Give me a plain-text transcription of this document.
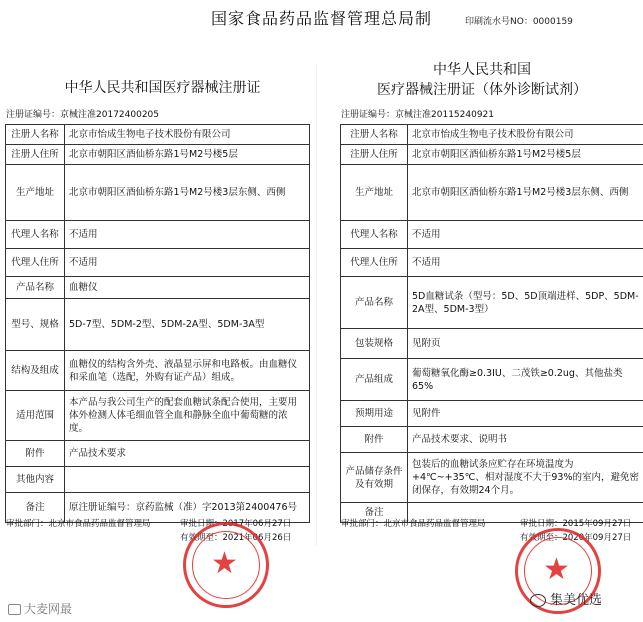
国家食品药品监督管理总局制	印刷流水号NO：0000159
中华人民共和国医疗器械注册证
注册证编号：京械注准20172400205
注册人名称	北京市怡成生物电子技术股份有限公司
注册人住所	北京市朝阳区酒仙桥东路1号M2号楼5层
生产地址	北京市朝阳区酒仙桥东路1号M2号楼3层东侧、西侧
代理人名称	不适用
代理人住所	不适用
产品名称	血糖仪
型号、规格	5D-7型、5DM-2型、5DM-2A型、5DM-3A型
结构及组成	血糖仪的结构含外壳、液晶显示屏和电路板。由血糖仪和采血笔（选配，外购有证产品）组成。
适用范围	本产品与我公司生产的配套血糖试条配合使用，主要用体外检测人体毛细血管全血和静脉全血中葡萄糖的浓度。
附件	产品技术要求
其他内容	
备注	原注册证编号：京药监械（准）字2013第2400476号
审批部门：北京市食品药品监督管理局	审批日期：2017年06月27日
有效期至：2021年06月26日
★
中华人民共和国
医疗器械注册证（体外诊断试剂）
注册证编号：京械注准20115240921
注册人名称	北京市怡成生物电子技术股份有限公司
注册人住所	北京市朝阳区酒仙桥东路1号M2号楼5层
生产地址	北京市朝阳区酒仙桥东路1号M2号楼3层东侧、西侧
代理人名称	不适用
代理人住所	不适用
产品名称	5D血糖试条（型号：5D、5D顶端进样、5DP、5DM-2A型、5DM-3型）
包装规格	见附页
产品组成	葡萄糖氧化酶≥0.3IU、二茂铁≥0.2ug、其他盐类65%
预期用途	见附件
附件	产品技术要求、说明书
产品储存条件及有效期	包装后的血糖试条应贮存在环境温度为+4℃~+35℃、相对湿度不大于93%的室内，避免密闭保存，有效期24个月。
备注	
审批部门：北京市食品药品监督管理局	审批日期：2015年09月27日
有效期至：2020年09月27日
★
大麦网最
集美优选
